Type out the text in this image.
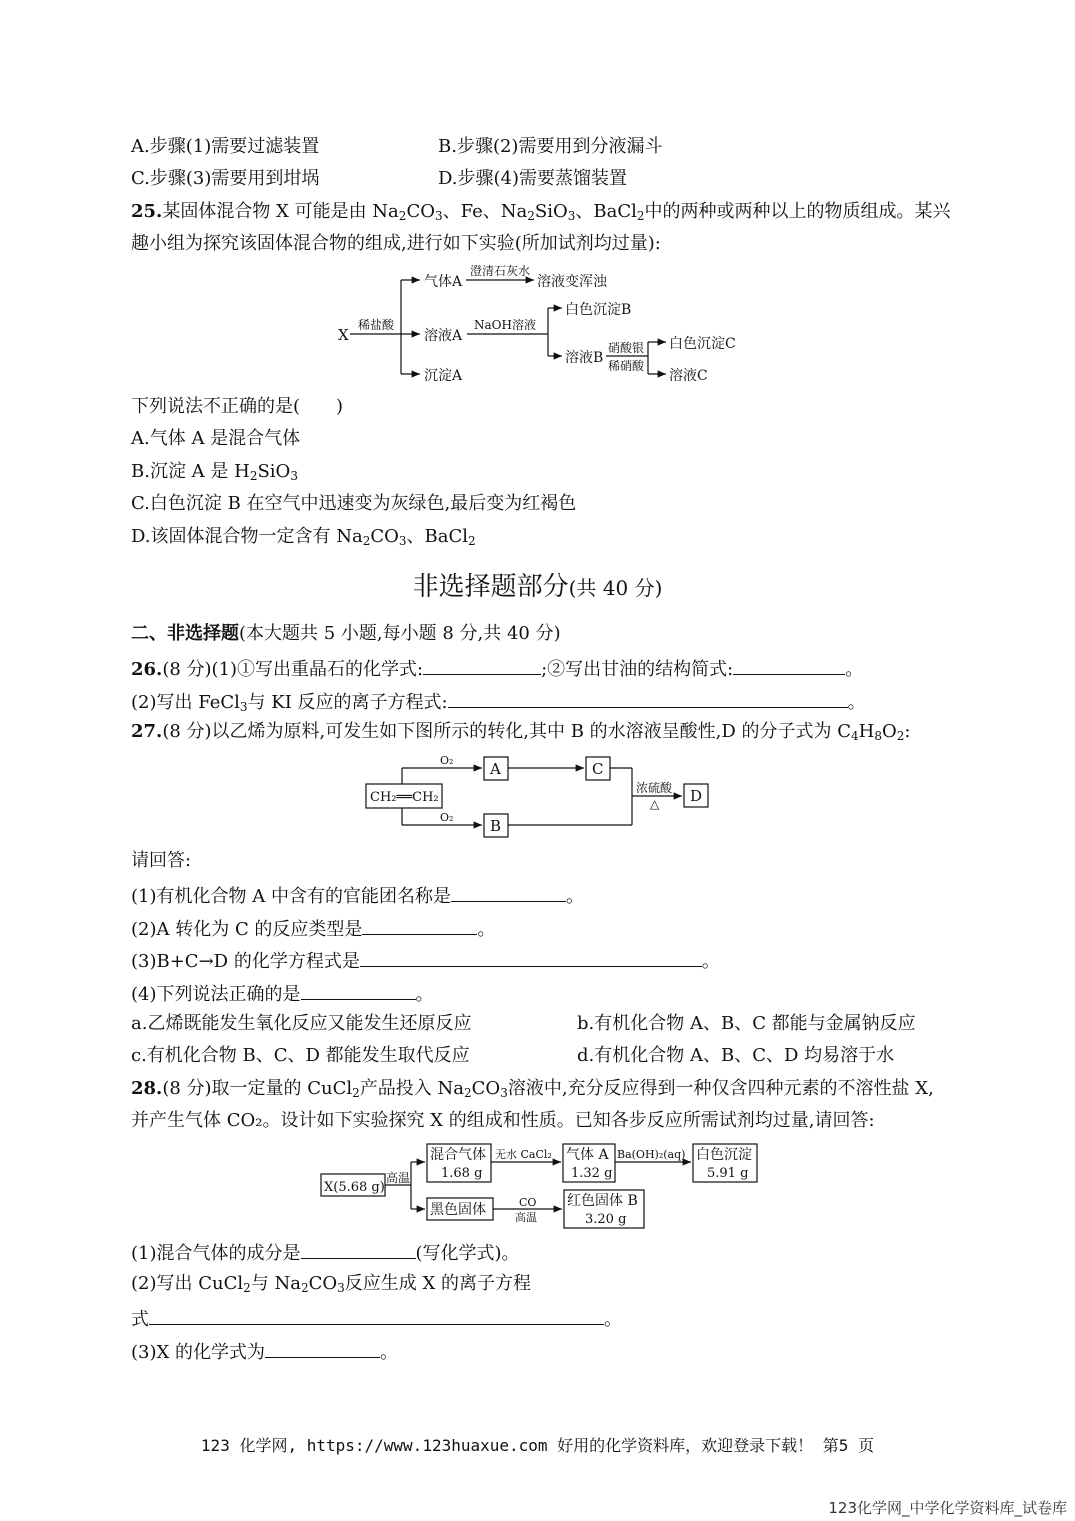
A.步骤(1)需要过滤装置	B.步骤(2)需要用到分液漏斗
C.步骤(3)需要用到坩埚	D.步骤(4)需要蒸馏装置
25.某固体混合物 X 可能是由 $Na_2CO_3$、Fe、$Na_2SiO_3$、BaCl$_2$中的两种或两种以上的物质组成。某兴
趣小组为探究该固体混合物的组成,进行如下实验(所加试剂均过量):
X
稀盐酸
气体A
澄清石灰水
溶液变浑浊
溶液A
NaOH溶液
白色沉淀B
溶液B
硝酸银
稀硝酸
白色沉淀C
溶液C
沉淀A
下列说法不正确的是(　　)
A.气体 A 是混合气体
B.沉淀 A 是 $H_2SiO_3$
C.白色沉淀 B 在空气中迅速变为灰绿色,最后变为红褐色
D.该固体混合物一定含有 $Na_2CO_3$、BaCl$_2$
非选择题部分(共 40 分)
二、非选择题(本大题共 5 小题,每小题 8 分,共 40 分)
26.(8 分)(1)①写出重晶石的化学式:	;②写出甘油的结构简式:	。
(2)写出 FeCl$_3$与 KI 反应的离子方程式:	。
27.(8 分)以乙烯为原料,可发生如下图所示的转化,其中 B 的水溶液呈酸性,D 的分子式为 $C_4H_8O_2$:
CH₂══CH₂
O₂
O₂
A	C
B
D
浓硫酸
△
请回答:
(1)有机化合物 A 中含有的官能团名称是	。
(2)A 转化为 C 的反应类型是	。
(3)B+C→D 的化学方程式是	。
(4)下列说法正确的是	。
a.乙烯既能发生氧化反应又能发生还原反应	b.有机化合物 A、B、C 都能与金属钠反应
c.有机化合物 B、C、D 都能发生取代反应	d.有机化合物 A、B、C、D 均易溶于水
28.(8 分)取一定量的 CuCl$_2$产品投入 $Na_2CO_3$溶液中,充分反应得到一种仅含四种元素的不溶性盐 X,
并产生气体 CO₂。设计如下实验探究 X 的组成和性质。已知各步反应所需试剂均过量,请回答:
X(5.68 g)
高温
混合气体
1.68 g
无水 CaCl₂ 气体 A
1.32 g
Ba(OH)₂(aq) 白色沉淀
5.91 g
黑色固体	CO
高温
红色固体 B
3.20 g
(1)混合气体的成分是	(写化学式)。
(2)写出 CuCl$_2$与 $Na_2CO_3$反应生成 X 的离子方程
式	。
(3)X 的化学式为	。
123 化学网, https://www.123huaxue.com 好用的化学资料库，欢迎登录下载！ 第5 页
123化学网_中学化学资料库_试卷库
